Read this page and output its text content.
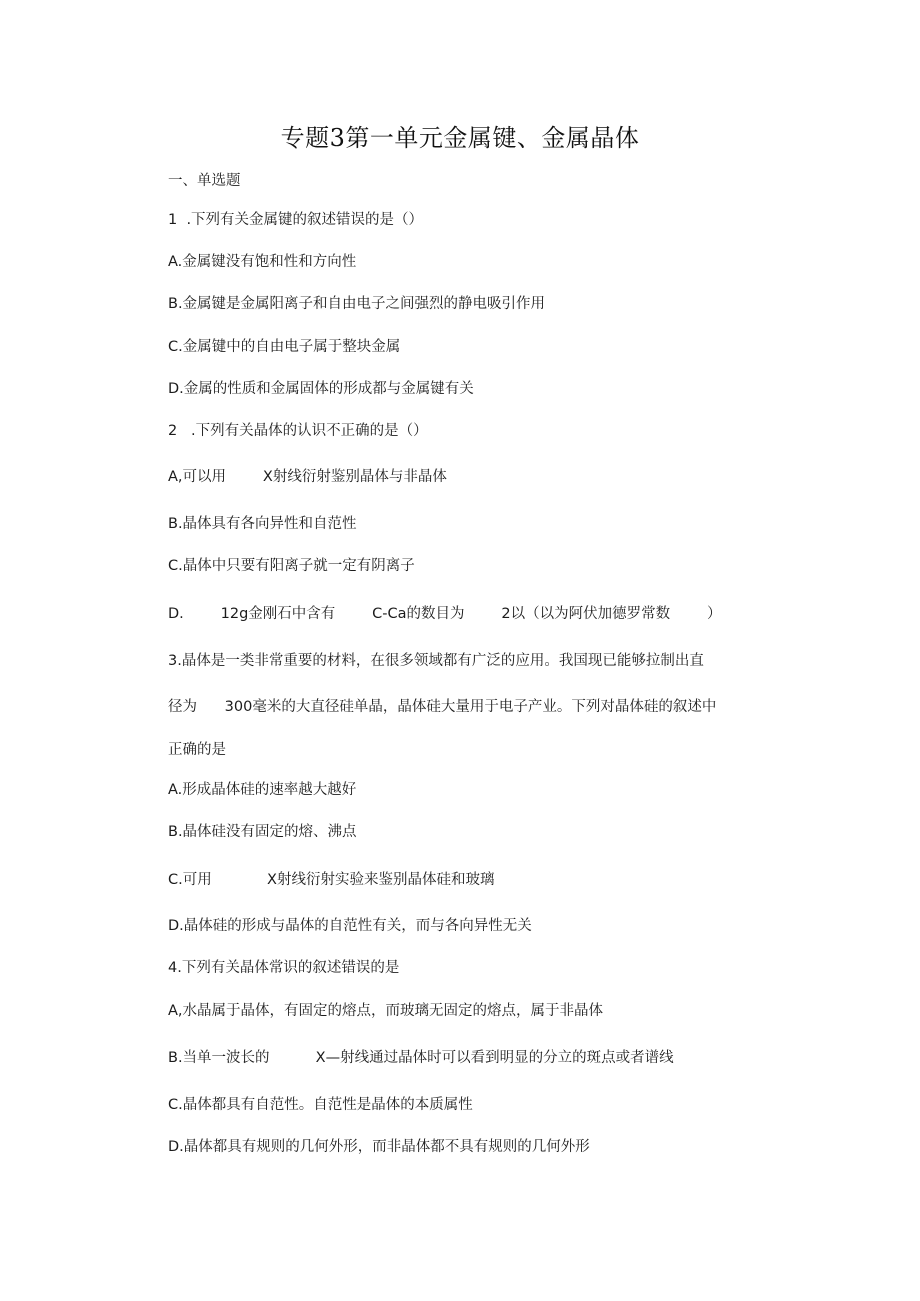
专题3第一单元金属键、金属晶体
一、单选题
1  .下列有关金属键的叙述错误的是（）
A.金属键没有饱和性和方向性
B.金属键是金属阳离子和自由电子之间强烈的静电吸引作用
C.金属键中的自由电子属于整块金属
D.金属的性质和金属固体的形成都与金属键有关
2   .下列有关晶体的认识不正确的是（）
A,可以用        X射线衍射鉴别晶体与非晶体
B.晶体具有各向异性和自范性
C.晶体中只要有阳离子就一定有阴离子
D.        12g金刚石中含有        C-Ca的数目为        2以（以为阿伏加德罗常数        ）
3.晶体是一类非常重要的材料，在很多领域都有广泛的应用。我国现已能够拉制出直
径为      300毫米的大直径硅单晶，晶体硅大量用于电子产业。下列对晶体硅的叙述中
正确的是
A.形成晶体硅的速率越大越好
B.晶体硅没有固定的熔、沸点
C.可用            X射线衍射实验来鉴别晶体硅和玻璃
D.晶体硅的形成与晶体的自范性有关，而与各向异性无关
4.下列有关晶体常识的叙述错误的是
A,水晶属于晶体，有固定的熔点，而玻璃无固定的熔点，属于非晶体
B.当单一波长的          X—射线通过晶体时可以看到明显的分立的斑点或者谱线
C.晶体都具有自范性。自范性是晶体的本质属性
D.晶体都具有规则的几何外形，而非晶体都不具有规则的几何外形
